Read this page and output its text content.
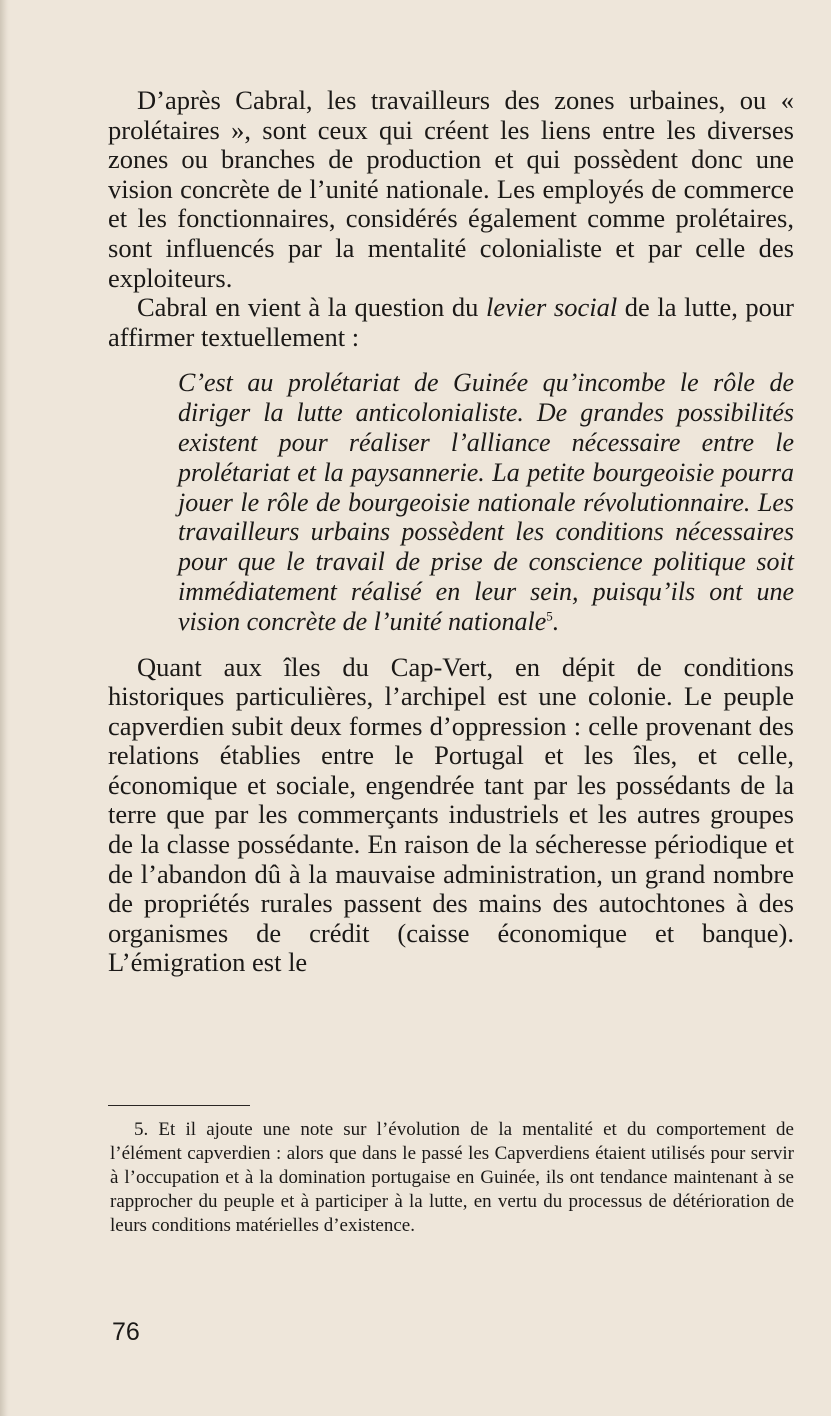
D’après Cabral, les travailleurs des zones urbaines, ou « prolétaires », sont ceux qui créent les liens entre les diverses zones ou branches de production et qui possèdent donc une vision concrète de l’unité nationale. Les employés de commerce et les fonctionnaires, considérés également comme prolétaires, sont influencés par la mentalité colonialiste et par celle des exploiteurs.

Cabral en vient à la question du levier social de la lutte, pour affirmer textuellement :

C’est au prolétariat de Guinée qu’incombe le rôle de diriger la lutte anticolonialiste. De grandes possibilités existent pour réaliser l’alliance nécessaire entre le prolétariat et la paysannerie. La petite bourgeoisie pourra jouer le rôle de bourgeoisie nationale révolutionnaire. Les travailleurs urbains possèdent les conditions nécessaires pour que le travail de prise de conscience politique soit immédiatement réalisé en leur sein, puisqu’ils ont une vision concrète de l’unité nationale$^5$.

Quant aux îles du Cap-Vert, en dépit de conditions historiques particulières, l’archipel est une colonie. Le peuple capverdien subit deux formes d’oppression : celle provenant des relations établies entre le Portugal et les îles, et celle, économique et sociale, engendrée tant par les possédants de la terre que par les commerçants industriels et les autres groupes de la classe possédante. En raison de la sécheresse périodique et de l’abandon dû à la mauvaise administration, un grand nombre de propriétés rurales passent des mains des autochtones à des organismes de crédit (caisse économique et banque). L’émigration est le

5. Et il ajoute une note sur l’évolution de la mentalité et du comportement de l’élément capverdien : alors que dans le passé les Capverdiens étaient utilisés pour servir à l’occupation et à la domination portugaise en Guinée, ils ont tendance maintenant à se rapprocher du peuple et à participer à la lutte, en vertu du processus de détérioration de leurs conditions matérielles d’existence.

76
